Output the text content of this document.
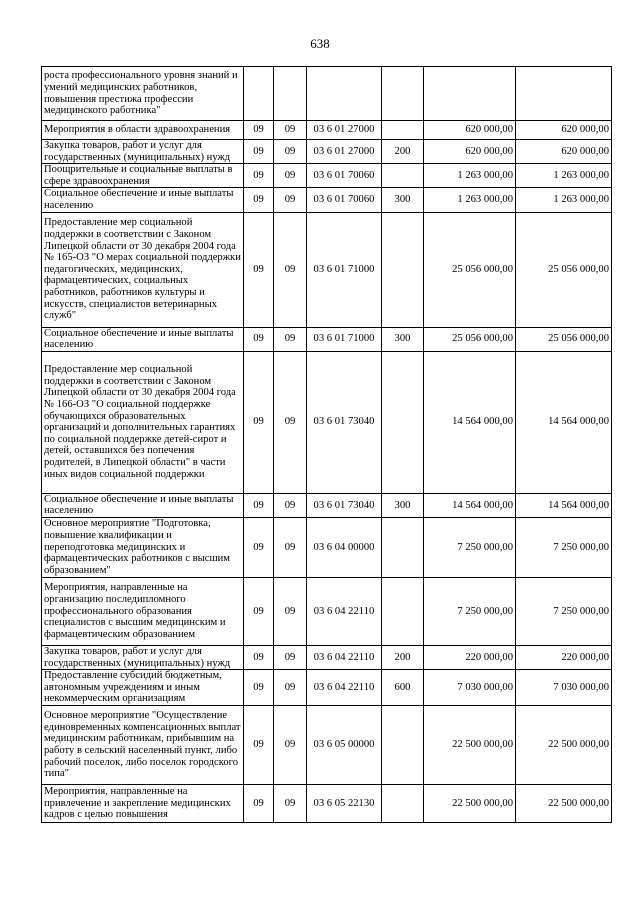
638
роста профессионального уровня знаний и умений медицинских работников, повышения престижа профессии медицинского работника"						
Мероприятия в области здравоохранения	09	09	03 6 01 27000		620 000,00	620 000,00
Закупка товаров, работ и услуг для государственных (муниципальных) нужд	09	09	03 6 01 27000	200	620 000,00	620 000,00
Поощрительные и социальные выплаты в сфере здравоохранения	09	09	03 6 01 70060		1 263 000,00	1 263 000,00
Социальное обеспечение и иные выплаты населению	09	09	03 6 01 70060	300	1 263 000,00	1 263 000,00
Предоставление мер социальной поддержки в соответствии с Законом Липецкой области от 30 декабря 2004 года № 165-ОЗ "О мерах социальной поддержки педагогических, медицинских, фармацевтических, социальных работников, работников культуры и искусств, специалистов ветеринарных служб"	09	09	03 6 01 71000		25 056 000,00	25 056 000,00
Социальное обеспечение и иные выплаты населению	09	09	03 6 01 71000	300	25 056 000,00	25 056 000,00
Предоставление мер социальной поддержки в соответствии с Законом Липецкой области от 30 декабря 2004 года № 166-ОЗ "О социальной поддержке обучающихся образовательных организаций и дополнительных гарантиях по социальной поддержке детей-сирот и детей, оставшихся без попечения родителей, в Липецкой области" в части иных видов социальной поддержки	09	09	03 6 01 73040		14 564 000,00	14 564 000,00
Социальное обеспечение и иные выплаты населению	09	09	03 6 01 73040	300	14 564 000,00	14 564 000,00
Основное мероприятие "Подготовка, повышение квалификации и переподготовка медицинских и фармацевтических работников с высшим образованием"	09	09	03 6 04 00000		7 250 000,00	7 250 000,00
Мероприятия, направленные на организацию последипломного профессионального образования специалистов с высшим медицинским и фармацевтическим образованием	09	09	03 6 04 22110		7 250 000,00	7 250 000,00
Закупка товаров, работ и услуг для государственных (муниципальных) нужд	09	09	03 6 04 22110	200	220 000,00	220 000,00
Предоставление субсидий бюджетным, автономным учреждениям и иным некоммерческим организациям	09	09	03 6 04 22110	600	7 030 000,00	7 030 000,00
Основное мероприятие "Осуществление единовременных компенсационных выплат медицинским работникам, прибывшим на работу в сельский населенный пункт, либо рабочий поселок, либо поселок городского типа"	09	09	03 6 05 00000		22 500 000,00	22 500 000,00
Мероприятия, направленные на привлечение и закрепление медицинских кадров с целью повышения	09	09	03 6 05 22130		22 500 000,00	22 500 000,00
